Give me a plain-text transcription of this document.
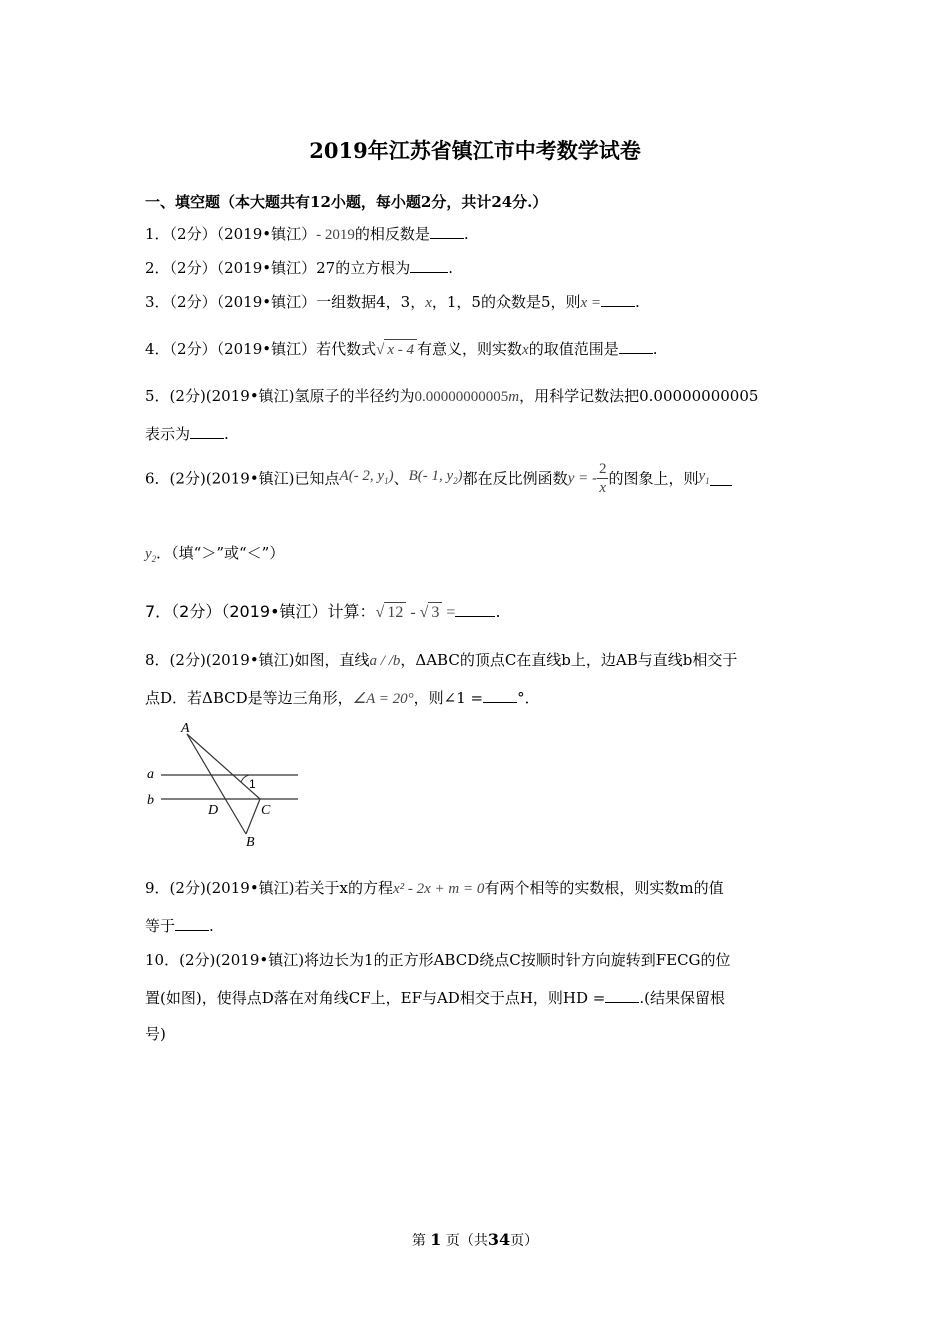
2019年江苏省镇江市中考数学试卷
一、填空题（本大题共有12小题，每小题2分，共计24分.）
1．（2分）（2019•镇江）- 2019的相反数是 .
2．（2分）（2019•镇江）27的立方根为	.
3．（2分）（2019•镇江）一组数据4，3，x，1，5的众数是5，则x = .
4．（2分）（2019•镇江）若代数式√ x - 4 有意义，则实数x的取值范围是 .
5．(2分)(2019•镇江)氢原子的半径约为0.00000000005m，用科学记数法把0.00000000005
表示为 .
6．(2分)(2019•镇江)已知点A(- 2, $y_1$)、B(- 1, $y_2$)都在反比例函数y = - $\frac{2}{x}$ 的图象上，则$y_1$
$y_2$．（填“＞”或“＜”）
7．（2分）（2019•镇江）计算：√ 12 - √ 3 =	.
8．(2分)(2019•镇江)如图，直线a / /b，ΔABC的顶点C在直线b上，边AB与直线b相交于
点D．若ΔBCD是等边三角形，∠A = 20°，则∠1 = °．
A
a
b
1
D	C
B
9．(2分)(2019•镇江)若关于x的方程x² - 2x + m = 0有两个相等的实数根，则实数m的值
等于 .
10．(2分)(2019•镇江)将边长为1的正方形ABCD绕点C按顺时针方向旋转到FECG的位
置(如图)，使得点D落在对角线CF上，EF与AD相交于点H，则HD = .(结果保留根
号)
第 1 页（共34页）
